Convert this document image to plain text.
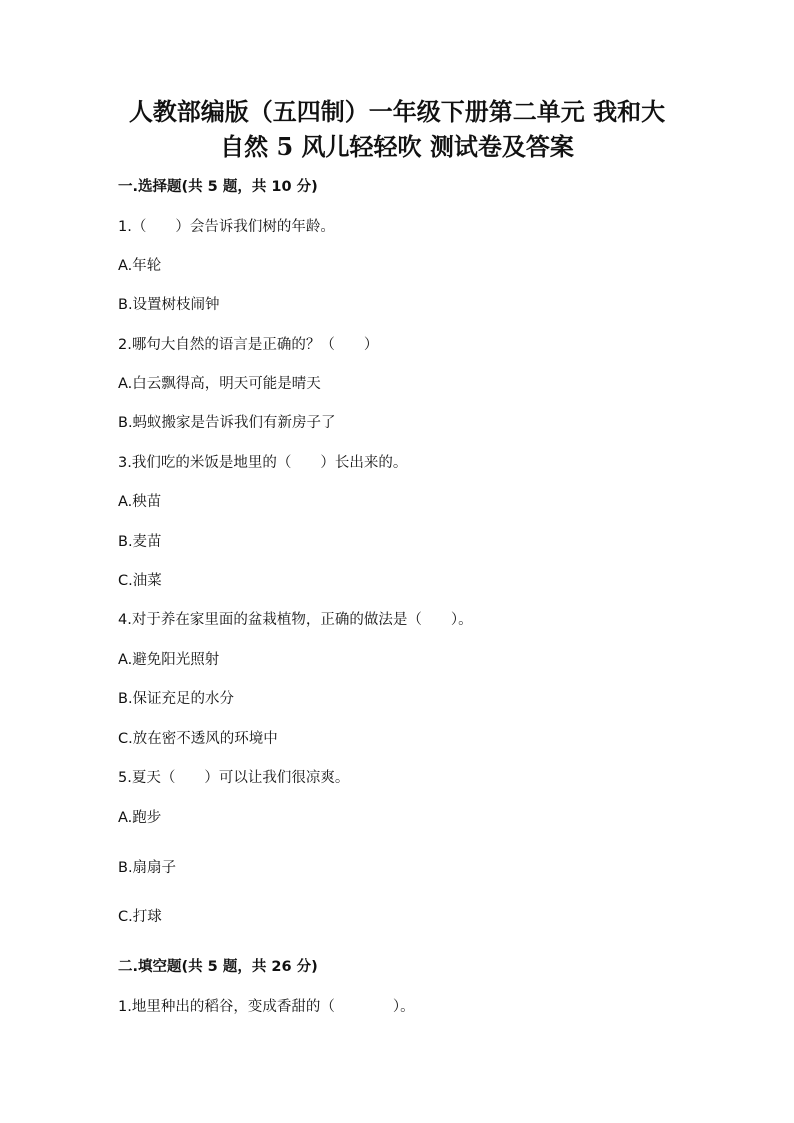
人教部编版（五四制）一年级下册第二单元 我和大
自然 5 风儿轻轻吹 测试卷及答案
一.选择题(共 5 题，共 10 分)
1.（　　）会告诉我们树的年龄。
A.年轮
B.设置树枝闹钟
2.哪句大自然的语言是正确的？（　　）
A.白云飘得高，明天可能是晴天
B.蚂蚁搬家是告诉我们有新房子了
3.我们吃的米饭是地里的（　　）长出来的。
A.秧苗
B.麦苗
C.油菜
4.对于养在家里面的盆栽植物，正确的做法是（　　）。
A.避免阳光照射
B.保证充足的水分
C.放在密不透风的环境中
5.夏天（　　）可以让我们很凉爽。
A.跑步
B.扇扇子
C.打球
二.填空题(共 5 题，共 26 分)
1.地里种出的稻谷，变成香甜的（　　　　）。
